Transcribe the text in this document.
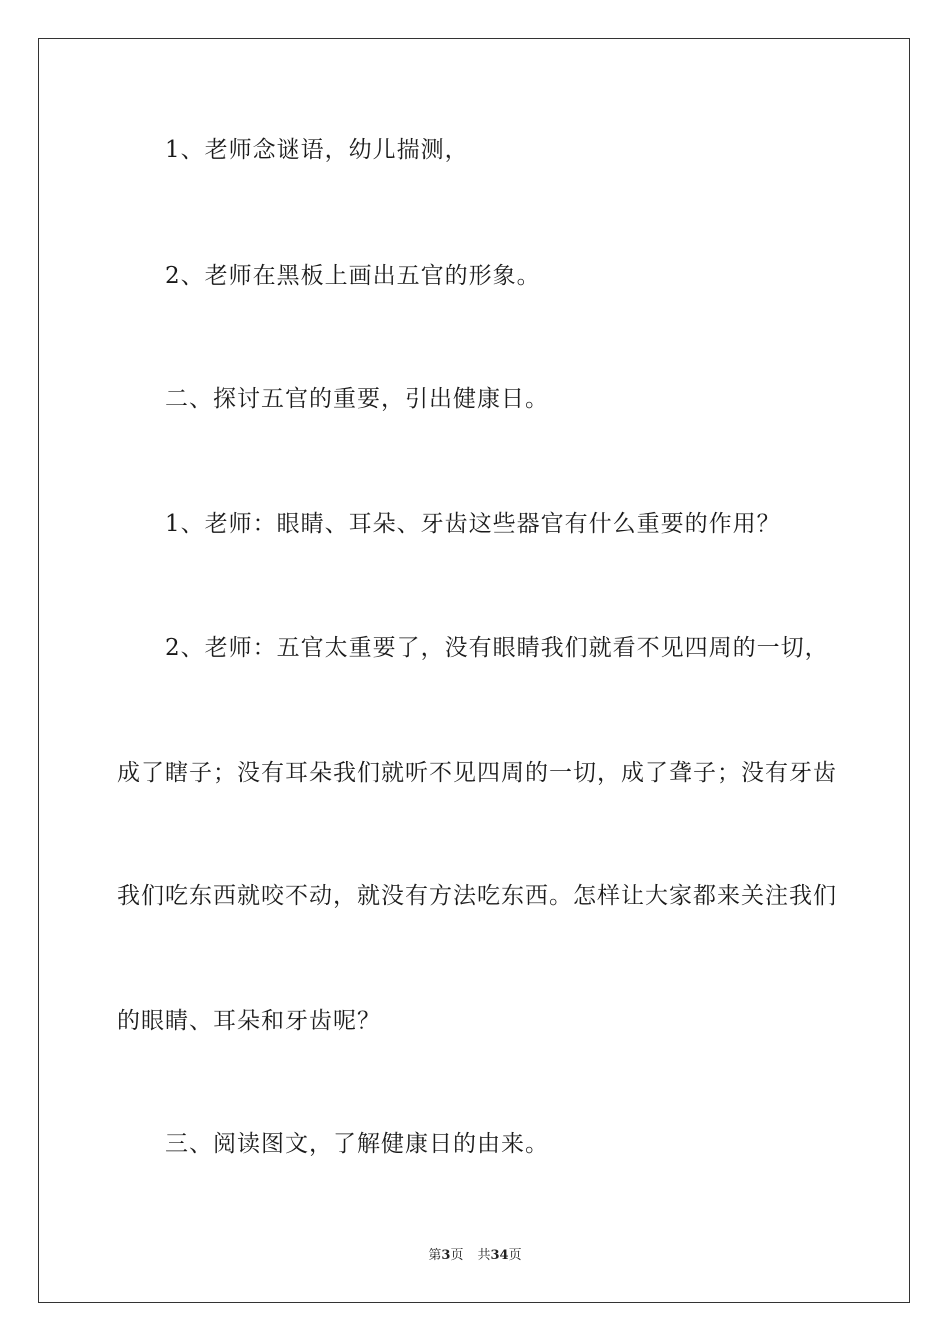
1、老师念谜语，幼儿揣测，
2、老师在黑板上画出五官的形象。
二、探讨五官的重要，引出健康日。
1、老师：眼睛、耳朵、牙齿这些器官有什么重要的作用？
2、老师：五官太重要了，没有眼睛我们就看不见四周的一切，
成了瞎子；没有耳朵我们就听不见四周的一切，成了聋子；没有牙齿
我们吃东西就咬不动，就没有方法吃东西。怎样让大家都来关注我们
的眼睛、耳朵和牙齿呢？
三、阅读图文，了解健康日的由来。
第3页 共34页
